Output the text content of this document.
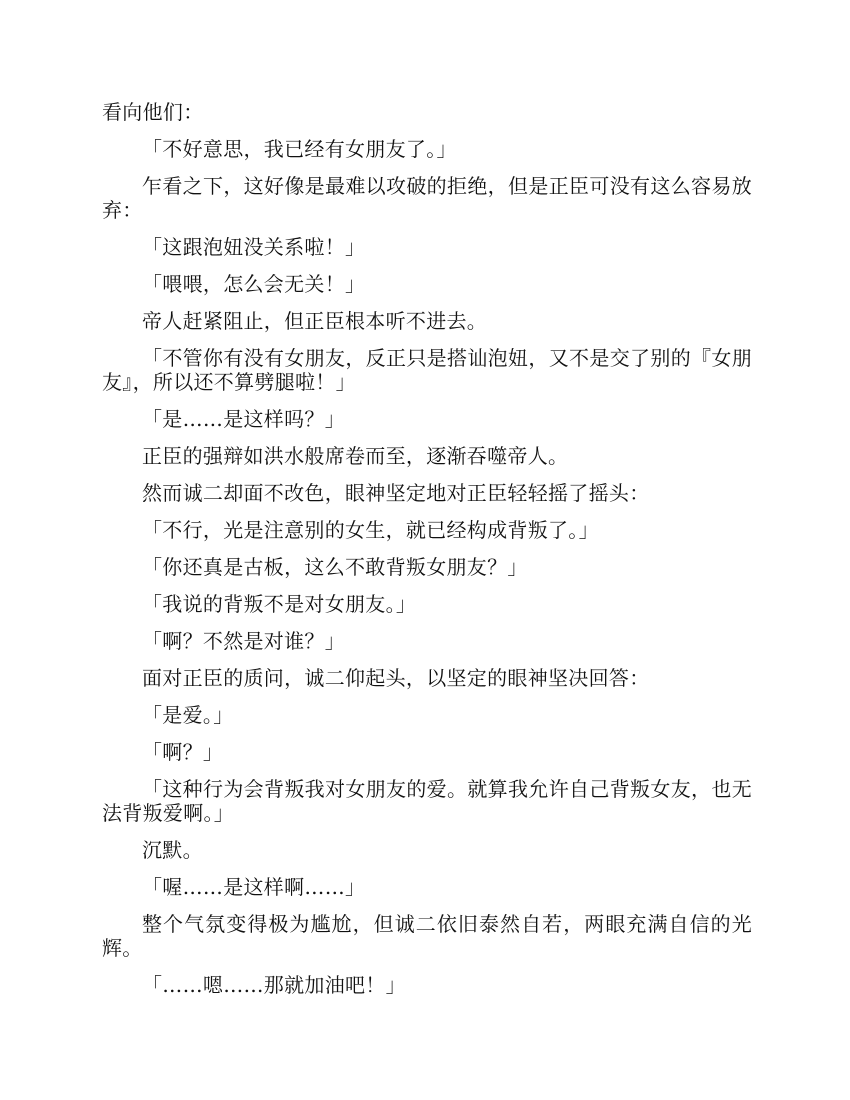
看向他们：

「不好意思，我已经有女朋友了。」

乍看之下，这好像是最难以攻破的拒绝，但是正臣可没有这么容易放弃：

「这跟泡妞没关系啦！」

「喂喂，怎么会无关！」

帝人赶紧阻止，但正臣根本听不进去。

「不管你有没有女朋友，反正只是搭讪泡妞，又不是交了别的『女朋友』，所以还不算劈腿啦！」

「是……是这样吗？」

正臣的强辩如洪水般席卷而至，逐渐吞噬帝人。

然而诚二却面不改色，眼神坚定地对正臣轻轻摇了摇头：

「不行，光是注意别的女生，就已经构成背叛了。」

「你还真是古板，这么不敢背叛女朋友？」

「我说的背叛不是对女朋友。」

「啊？不然是对谁？」

面对正臣的质问，诚二仰起头，以坚定的眼神坚决回答：

「是爱。」

「啊？」

「这种行为会背叛我对女朋友的爱。就算我允许自己背叛女友，也无法背叛爱啊。」

沉默。

「喔……是这样啊……」

整个气氛变得极为尴尬，但诚二依旧泰然自若，两眼充满自信的光辉。

「……嗯……那就加油吧！」
